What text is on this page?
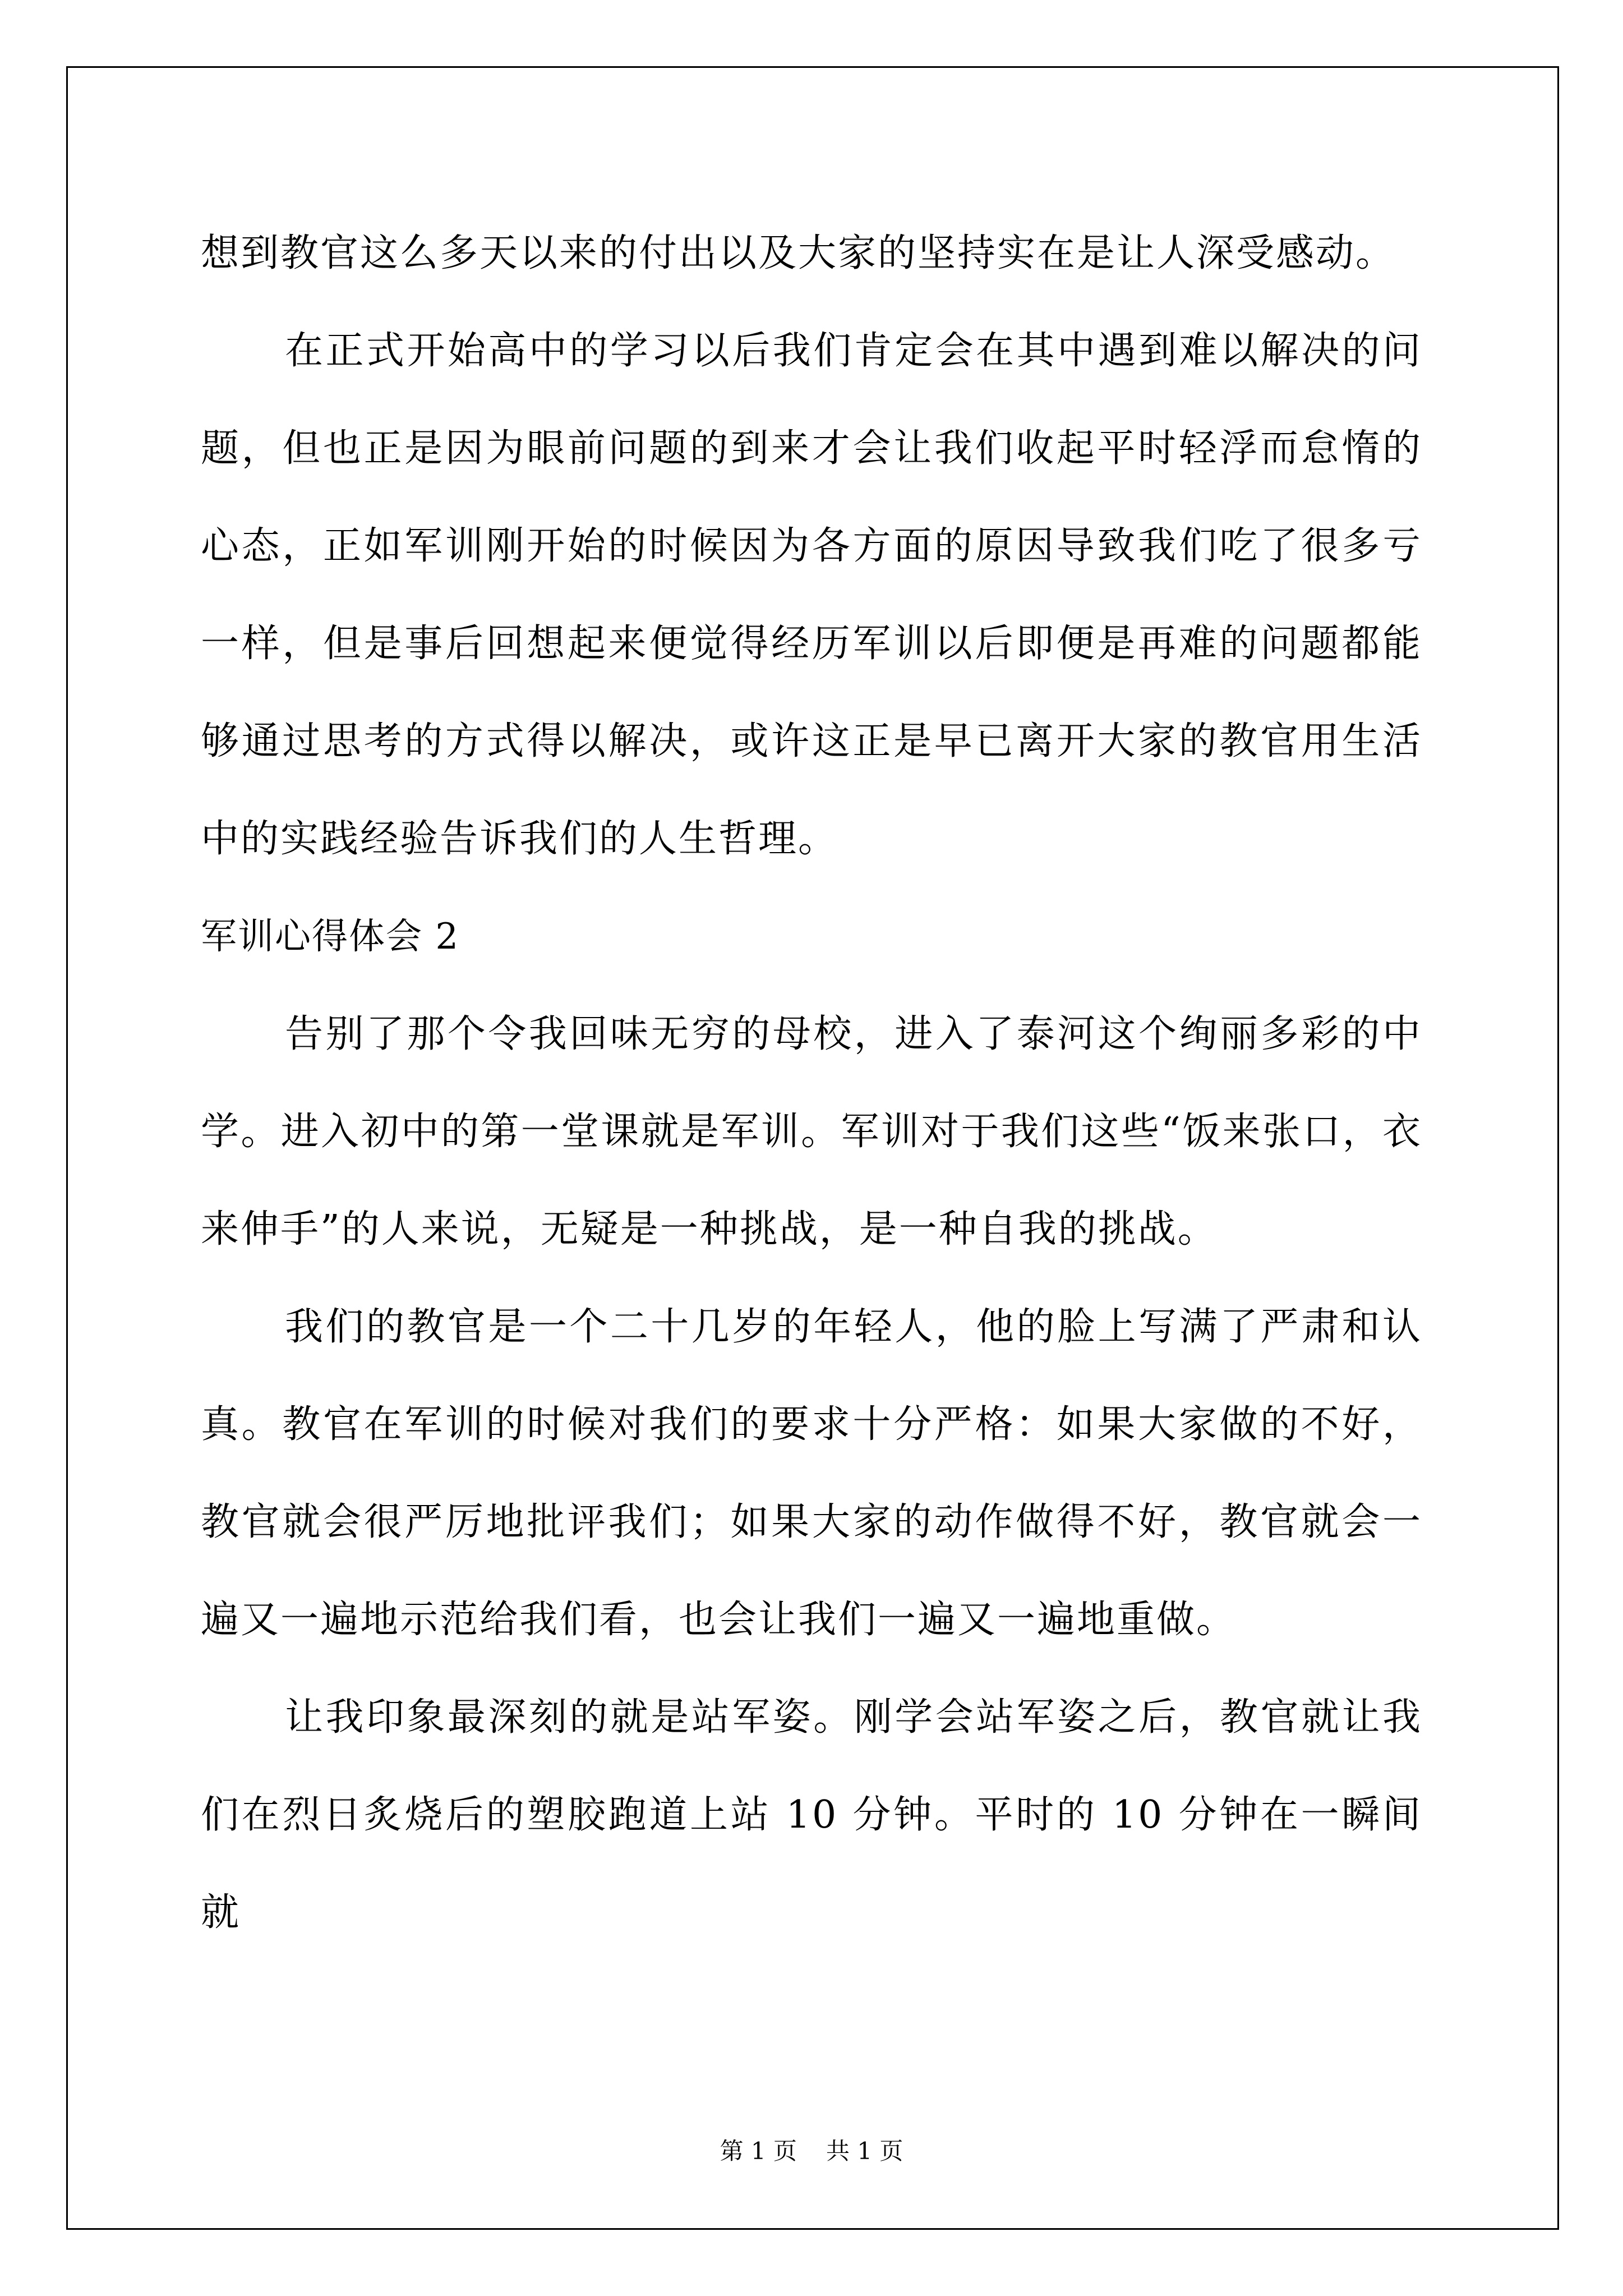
想到教官这么多天以来的付出以及大家的坚持实在是让人深受感动。

在正式开始高中的学习以后我们肯定会在其中遇到难以解决的问题，但也正是因为眼前问题的到来才会让我们收起平时轻浮而怠惰的心态，正如军训刚开始的时候因为各方面的原因导致我们吃了很多亏一样，但是事后回想起来便觉得经历军训以后即便是再难的问题都能够通过思考的方式得以解决，或许这正是早已离开大家的教官用生活中的实践经验告诉我们的人生哲理。

军训心得体会 2

告别了那个令我回味无穷的母校，进入了泰河这个绚丽多彩的中学。进入初中的第一堂课就是军训。军训对于我们这些“饭来张口，衣来伸手”的人来说，无疑是一种挑战，是一种自我的挑战。

我们的教官是一个二十几岁的年轻人，他的脸上写满了严肃和认真。教官在军训的时候对我们的要求十分严格：如果大家做的不好，教官就会很严厉地批评我们；如果大家的动作做得不好，教官就会一遍又一遍地示范给我们看，也会让我们一遍又一遍地重做。

让我印象最深刻的就是站军姿。刚学会站军姿之后，教官就让我们在烈日炙烧后的塑胶跑道上站 10 分钟。平时的 10 分钟在一瞬间就

第 1 页 共 1 页
